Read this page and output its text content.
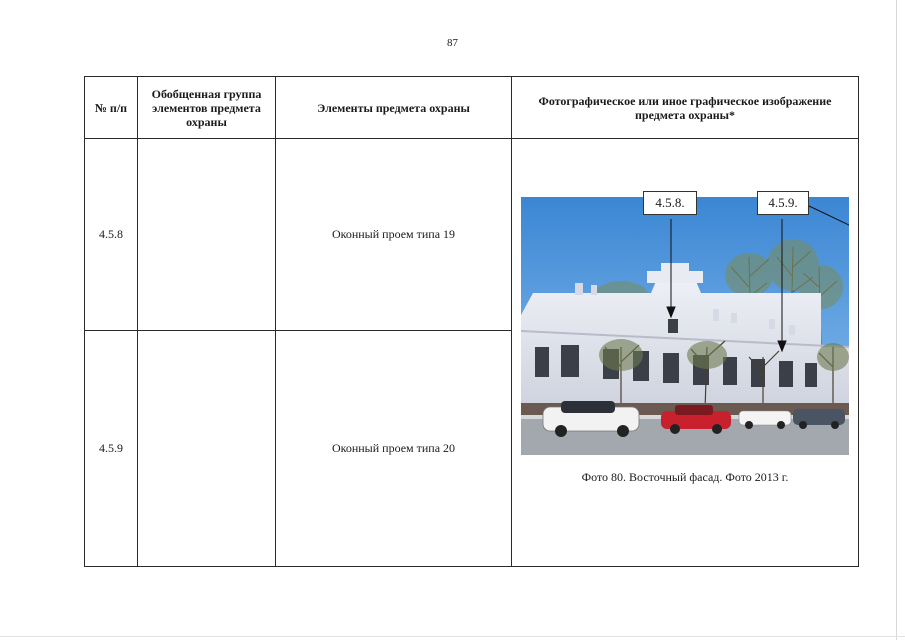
87
№ п/п	Обобщенная группа элементов предмета охраны	Элементы предмета охраны	Фотографическое или иное графическое изображение предмета охраны*
4.5.8		Оконный проем типа 19	4.5.8. 4.5.9.
Фото 80. Восточный фасад. Фото 2013 г.

4.5.9		Оконный проем типа 20	
